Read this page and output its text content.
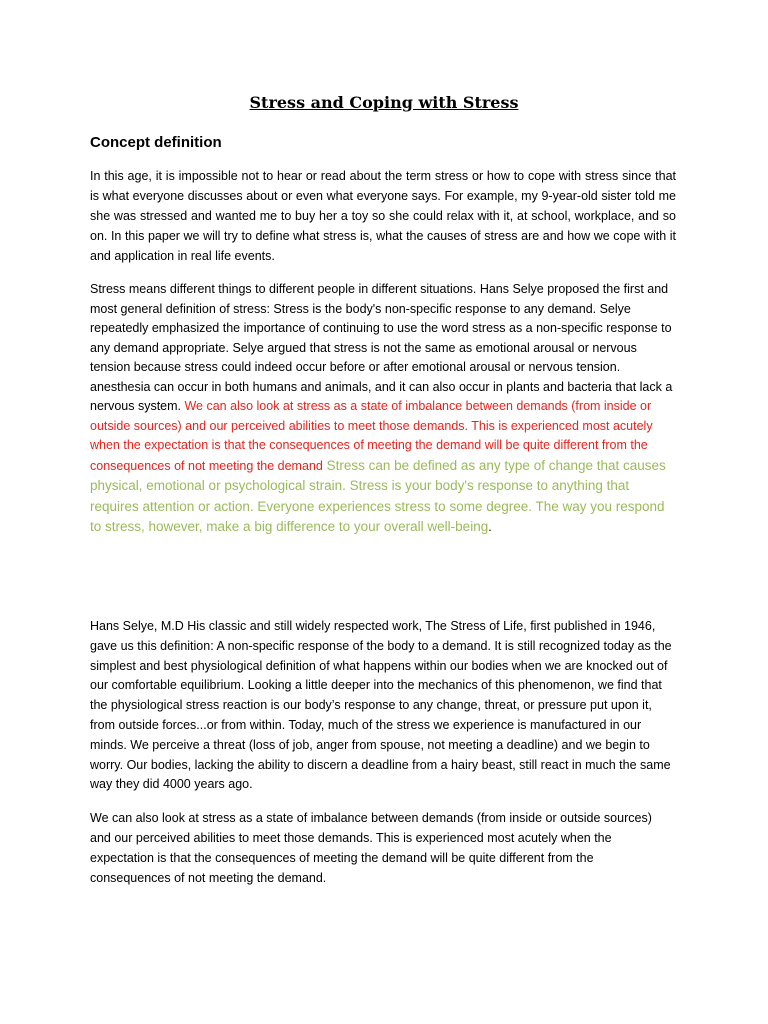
Stress and Coping with Stress
Concept definition

In this age, it is impossible not to hear or read about the term stress or how to cope with stress since that is what everyone discusses about or even what everyone says. For example, my 9-year-old sister told me she was stressed and wanted me to buy her a toy so she could relax with it, at school, workplace, and so on. In this paper we will try to define what stress is, what the causes of stress are and how we cope with it and application in real life events.

Stress means different things to different people in different situations. Hans Selye proposed the first and most general definition of stress: Stress is the body's non-specific response to any demand. Selye repeatedly emphasized the importance of continuing to use the word stress as a non-specific response to any demand appropriate. Selye argued that stress is not the same as emotional arousal or nervous tension because stress could indeed occur before or after emotional arousal or nervous tension. anesthesia can occur in both humans and animals, and it can also occur in plants and bacteria that lack a nervous system. We can also look at stress as a state of imbalance between demands (from inside or outside sources) and our perceived abilities to meet those demands. This is experienced most acutely when the expectation is that the consequences of meeting the demand will be quite different from the consequences of not meeting the demand Stress can be defined as any type of change that causes physical, emotional or psychological strain. Stress is your body's response to anything that requires attention or action. Everyone experiences stress to some degree. The way you respond to stress, however, make a big difference to your overall well-being.

Hans Selye, M.D His classic and still widely respected work, The Stress of Life, first published in 1946, gave us this definition: A non-specific response of the body to a demand. It is still recognized today as the simplest and best physiological definition of what happens within our bodies when we are knocked out of our comfortable equilibrium. Looking a little deeper into the mechanics of this phenomenon, we find that the physiological stress reaction is our body’s response to any change, threat, or pressure put upon it, from outside forces...or from within. Today, much of the stress we experience is manufactured in our minds. We perceive a threat (loss of job, anger from spouse, not meeting a deadline) and we begin to worry. Our bodies, lacking the ability to discern a deadline from a hairy beast, still react in much the same way they did 4000 years ago.

We can also look at stress as a state of imbalance between demands (from inside or outside sources) and our perceived abilities to meet those demands. This is experienced most acutely when the expectation is that the consequences of meeting the demand will be quite different from the consequences of not meeting the demand.
